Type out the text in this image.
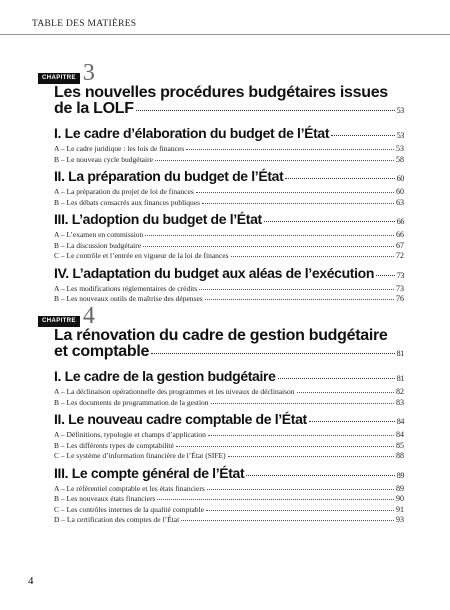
TABLE DES MATIÈRES
CHAPITRE 3
Les nouvelles procédures budgétaires issues
de la LOLF	53
I. Le cadre d’élaboration du budget de l’État	53
A – Le cadre juridique : les lois de finances	53
B – Le nouveau cycle budgétaire	58
II. La préparation du budget de l’État	60
A – La préparation du projet de loi de finances	60
B – Les débats consacrés aux finances publiques	63
III. L’adoption du budget de l’État	66
A – L’examen en commission	66
B – La discussion budgétaire	67
C – Le contrôle et l’entrée en vigueur de la loi de finances	72
IV. L’adaptation du budget aux aléas de l’exécution	73
A – Les modifications réglementaires de crédits	73
B – Les nouveaux outils de maîtrise des dépenses	76
CHAPITRE 4
La rénovation du cadre de gestion budgétaire
et comptable	81
I. Le cadre de la gestion budgétaire	81
A – La déclinaison opérationnelle des programmes et les niveaux de déclinaison	82
B – Les documents de programmation de la gestion	83
II. Le nouveau cadre comptable de l’État	84
A – Définitions, typologie et champs d’application	84
B – Les différents types de comptabilité	85
C – Le système d’information financière de l’État (SIFE)	88
III. Le compte général de l’État	89
A – Le référentiel comptable et les états financiers	89
B – Les nouveaux états financiers	90
C – Les contrôles internes de la qualité comptable	91
D – La certification des comptes de l’État	93
4
